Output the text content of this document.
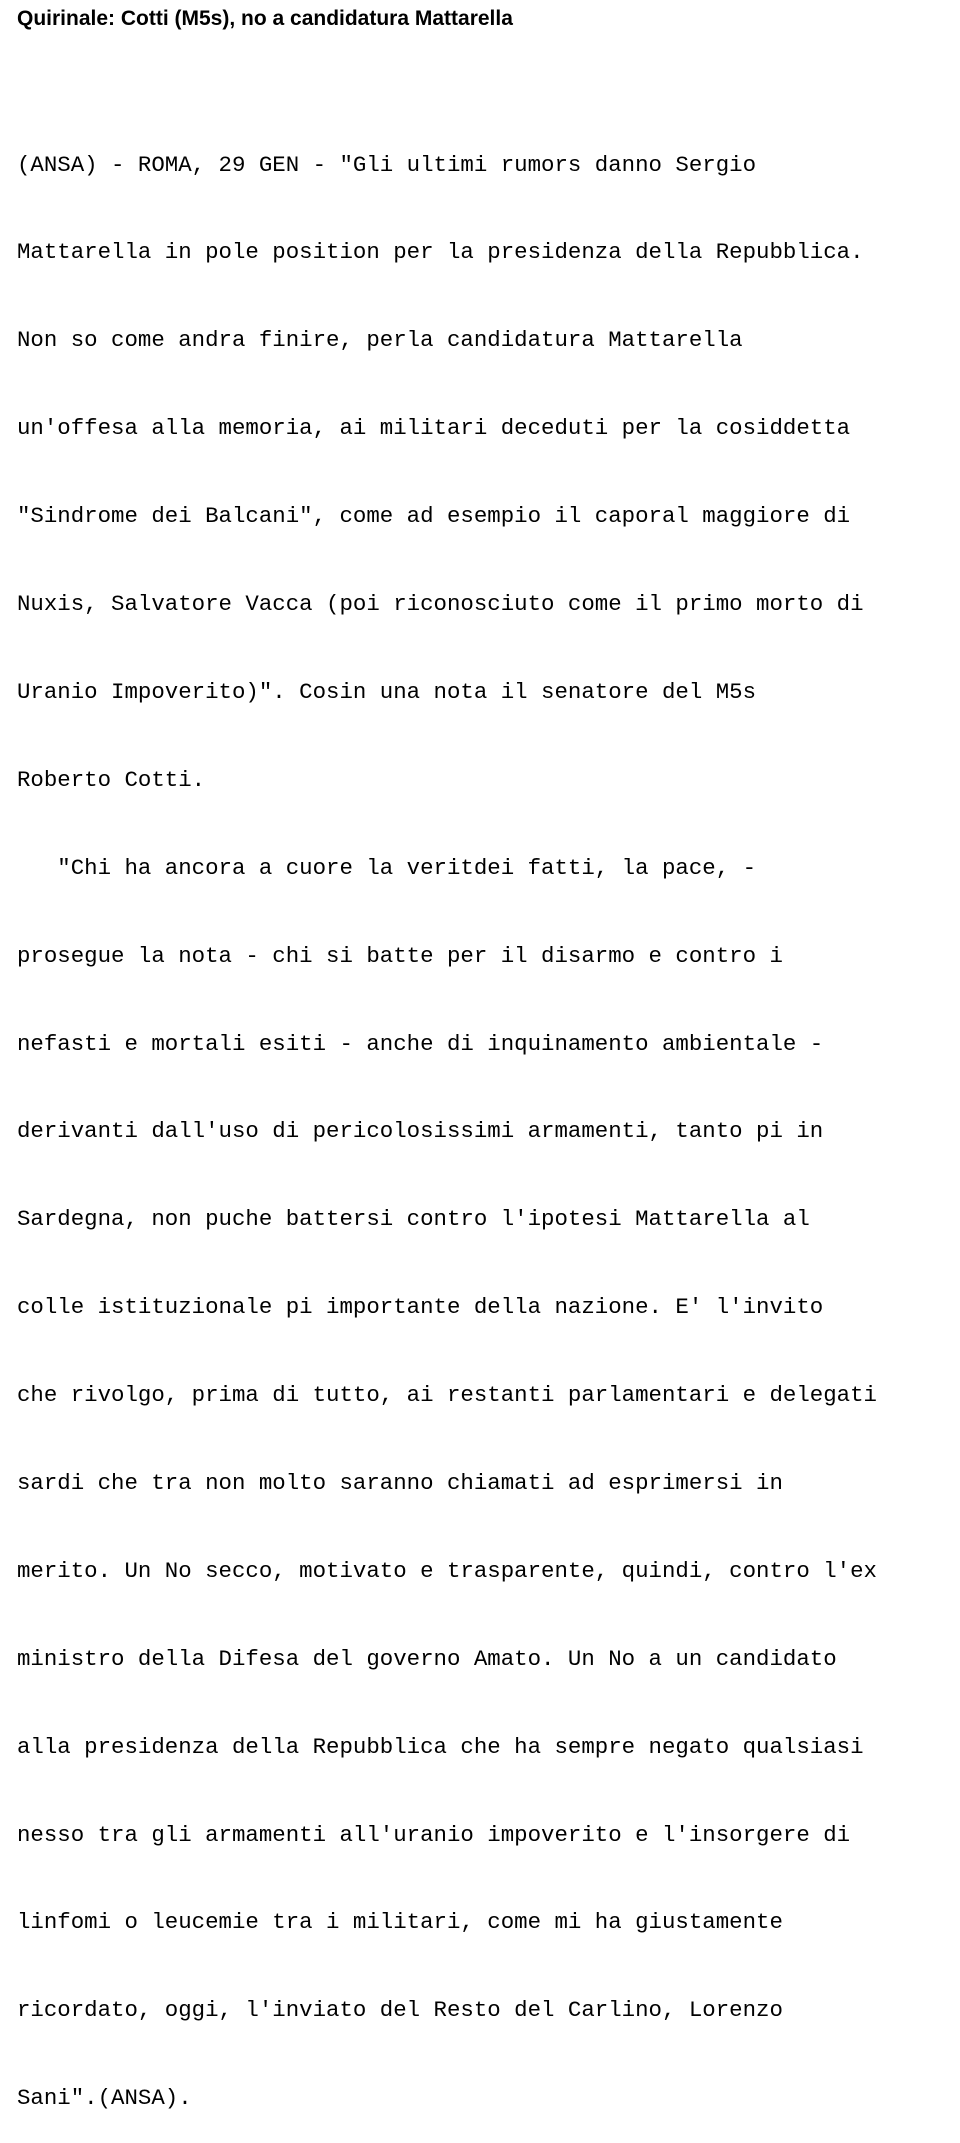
Quirinale: Cotti (M5s), no a candidatura Mattarella

(ANSA) - ROMA, 29 GEN - "Gli ultimi rumors danno Sergio

Mattarella in pole position per la presidenza della Repubblica.

Non so come andra finire, perla candidatura Mattarella

un'offesa alla memoria, ai militari deceduti per la cosiddetta

"Sindrome dei Balcani", come ad esempio il caporal maggiore di

Nuxis, Salvatore Vacca (poi riconosciuto come il primo morto di

Uranio Impoverito)". Cosin una nota il senatore del M5s

Roberto Cotti.

"Chi ha ancora a cuore la veritdei fatti, la pace, -

prosegue la nota - chi si batte per il disarmo e contro i

nefasti e mortali esiti - anche di inquinamento ambientale -

derivanti dall'uso di pericolosissimi armamenti, tanto pi in

Sardegna, non puche battersi contro l'ipotesi Mattarella al

colle istituzionale pi importante della nazione. E' l'invito

che rivolgo, prima di tutto, ai restanti parlamentari e delegati

sardi che tra non molto saranno chiamati ad esprimersi in

merito. Un No secco, motivato e trasparente, quindi, contro l'ex

ministro della Difesa del governo Amato. Un No a un candidato

alla presidenza della Repubblica che ha sempre negato qualsiasi

nesso tra gli armamenti all'uranio impoverito e l'insorgere di

linfomi o leucemie tra i militari, come mi ha giustamente

ricordato, oggi, l'inviato del Resto del Carlino, Lorenzo

Sani".(ANSA).
